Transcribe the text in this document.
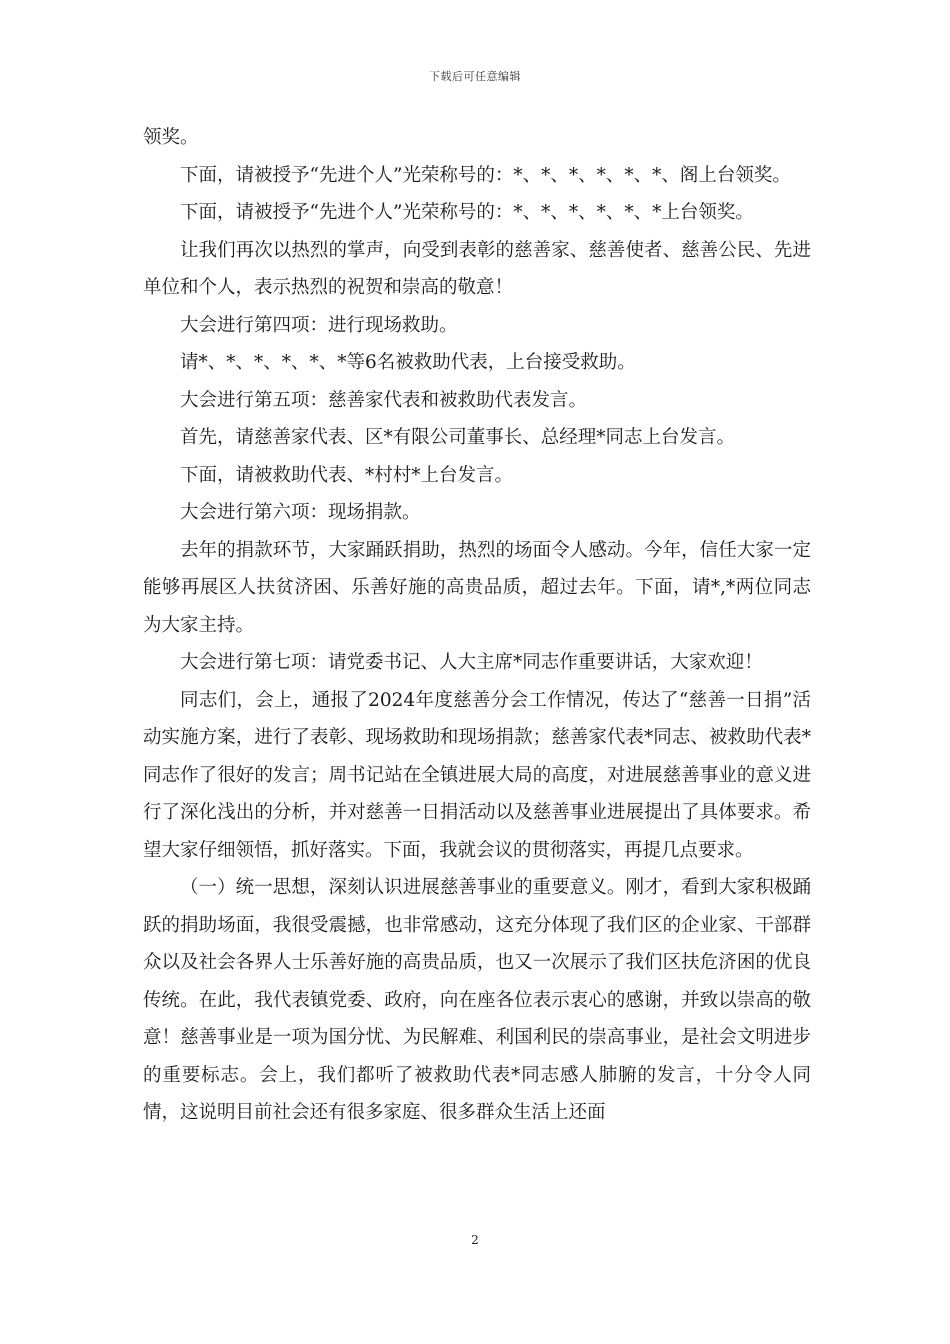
下载后可任意编辑

领奖。

下面，请被授予“先进个人”光荣称号的：*、*、*、*、*、*、阁上台领奖。

下面，请被授予“先进个人”光荣称号的：*、*、*、*、*、*上台领奖。

让我们再次以热烈的掌声，向受到表彰的慈善家、慈善使者、慈善公民、先进单位和个人，表示热烈的祝贺和崇高的敬意！

大会进行第四项：进行现场救助。

请*、*、*、*、*、*等6名被救助代表，上台接受救助。

大会进行第五项：慈善家代表和被救助代表发言。

首先，请慈善家代表、区*有限公司董事长、总经理*同志上台发言。

下面，请被救助代表、*村村*上台发言。

大会进行第六项：现场捐款。

去年的捐款环节，大家踊跃捐助，热烈的场面令人感动。今年，信任大家一定能够再展区人扶贫济困、乐善好施的高贵品质，超过去年。下面，请*,*两位同志为大家主持。

大会进行第七项：请党委书记、人大主席*同志作重要讲话，大家欢迎！

同志们，会上，通报了2024年度慈善分会工作情况，传达了“慈善一日捐”活动实施方案，进行了表彰、现场救助和现场捐款；慈善家代表*同志、被救助代表*同志作了很好的发言；周书记站在全镇进展大局的高度，对进展慈善事业的意义进行了深化浅出的分析，并对慈善一日捐活动以及慈善事业进展提出了具体要求。希望大家仔细领悟，抓好落实。下面，我就会议的贯彻落实，再提几点要求。

（一）统一思想，深刻认识进展慈善事业的重要意义。刚才，看到大家积极踊跃的捐助场面，我很受震撼，也非常感动，这充分体现了我们区的企业家、干部群众以及社会各界人士乐善好施的高贵品质，也又一次展示了我们区扶危济困的优良传统。在此，我代表镇党委、政府，向在座各位表示衷心的感谢，并致以崇高的敬意！慈善事业是一项为国分忧、为民解难、利国利民的崇高事业，是社会文明进步的重要标志。会上，我们都听了被救助代表*同志感人肺腑的发言，十分令人同情，这说明目前社会还有很多家庭、很多群众生活上还面

2
